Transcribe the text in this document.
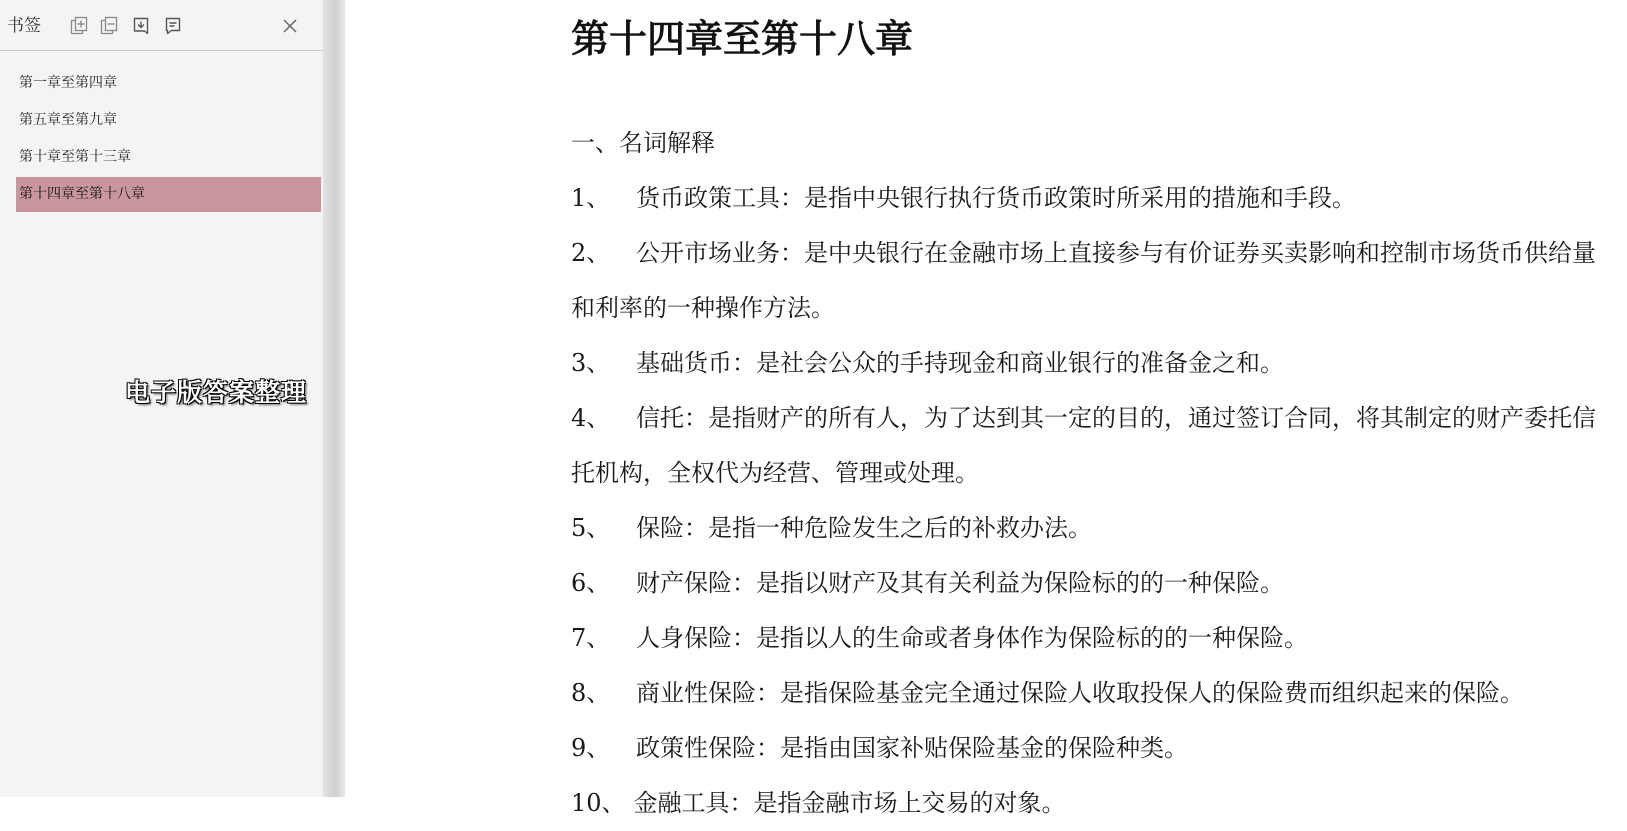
书签
第一章至第四章
第五章至第九章
第十章至第十三章
第十四章至第十八章
电子版答案整理
第十四章至第十八章
一、名词解释
1、 货币政策工具：是指中央银行执行货币政策时所采用的措施和手段。
2、 公开市场业务：是中央银行在金融市场上直接参与有价证券买卖影响和控制市场货币供给量和利率的一种操作方法。
3、 基础货币：是社会公众的手持现金和商业银行的准备金之和。
4、 信托：是指财产的所有人，为了达到其一定的目的，通过签订合同，将其制定的财产委托信托机构，全权代为经营、管理或处理。
5、 保险：是指一种危险发生之后的补救办法。
6、 财产保险：是指以财产及其有关利益为保险标的的一种保险。
7、 人身保险：是指以人的生命或者身体作为保险标的的一种保险。
8、 商业性保险：是指保险基金完全通过保险人收取投保人的保险费而组织起来的保险。
9、 政策性保险：是指由国家补贴保险基金的保险种类。
10、 金融工具：是指金融市场上交易的对象。
